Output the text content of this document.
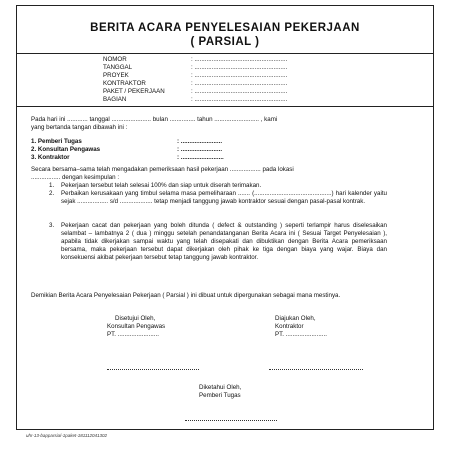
BERITA ACARA PENYELESAIAN PEKERJAAN
( PARSIAL )
NOMOR	: ......................................................
TANGGAL	: ......................................................
PROYEK	: ......................................................
KONTRAKTOR	: ......................................................
PAKET / PEKERJAAN	: ......................................................
BAGIAN	: ......................................................
Pada hari ini ............ tanggal ....................... bulan ............... tahun .......................... , kami
yang bertanda tangan dibawah ini :
1. Pemberi Tugas	: ........................
2. Konsultan Pengawas	: ........................
3. Kontraktor	: .........................
Secara bersama–sama telah mengadakan pemeriksaan hasil pekerjaan .................. pada lokasi
................. dengan kesimpulan :
1. Pekerjaan tersebut telah selesai 100% dan siap untuk diserah terimakan.
2. Perbaikan kerusakaan yang timbul selama masa pemeliharaan ....... (.............................................) hari kalender yaitu sejak .................. s/d ................... tetap menjadi tanggung jawab kontraktor sesuai dengan pasal-pasal kontrak.
3. Pekerjaan cacat dan pekerjaan yang boleh ditunda ( defect & outstanding ) seperti terlampir harus diselesaikan selambat – lambatnya 2 ( dua ) minggu setelah penandatanganan Berita Acara ini ( Sesuai Target Penyelesaian ), apabila tidak dikerjakan sampai waktu yang telah disepakati dan dibuktikan dengan Berita Acara pemeriksaan bersama, maka pekerjaan tersebut dapat dikerjakan oleh pihak ke tiga dengan biaya yang wajar. Biaya dan konsekuensi akibat pekerjaan tersebut tetap tanggung jawab kontraktor.
Demikian Berita Acara Penyelesaian Pekerjaan ( Parsial ) ini dibuat untuk dipergunakan sebagai mana mestinya.
Disetujui Oleh,
Konsultan Pengawas
PT. ........................
Diajukan Oleh,
Kontraktor
PT. ........................
Diketahui Oleh,
Pemberi Tugas
uhr-13-bapparsial-1paket-181112041302
